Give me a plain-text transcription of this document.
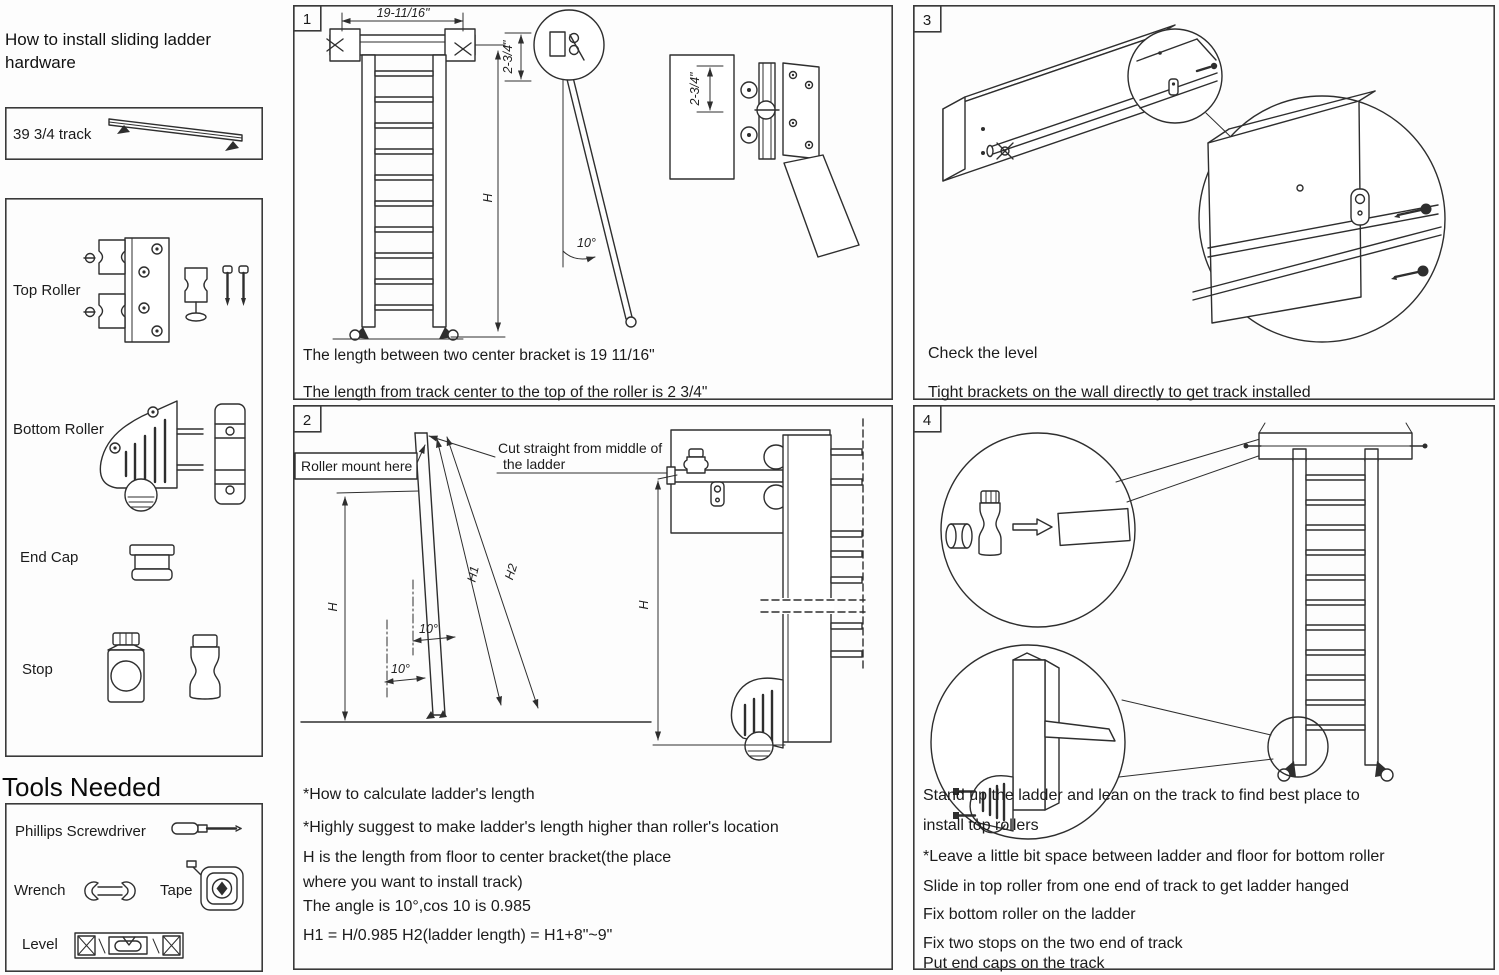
How to install sliding ladder
hardware
39 3/4 track
Top Roller
Bottom Roller
End Cap
Stop
Tools Needed
Phillips Screwdriver
Wrench	Tape
Level
1	19-11/16"
H
2-3/4"
10°
2-3/4"
The length between two center bracket is 19 11/16"
The length from track center to the top of the roller is 2 3/4"
2
H
H1 H2
10°
10°
Roller mount here
Cut straight from middle of
the ladder
H
*How to calculate ladder's length
*Highly suggest to make ladder's length higher than roller's location
H is the length from floor to center bracket(the place
where you want to install track)
The angle is 10°,cos 10 is 0.985
H1 = H/0.985 H2(ladder length) = H1+8"~9"
3
Check the level
Tight brackets on the wall directly to get track installed
4
Stand up the ladder and lean on the track to find best place to
install top rollers
*Leave a little bit space between ladder and floor for bottom roller
Slide in top roller from one end of track to get ladder hanged
Fix bottom roller on the ladder
Fix two stops on the two end of track
Put end caps on the track
